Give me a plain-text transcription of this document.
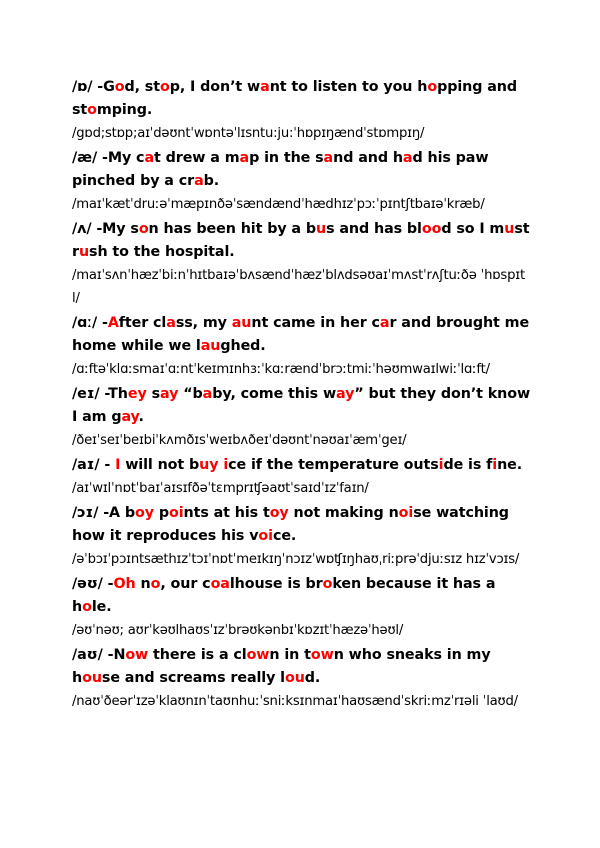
/ɒ/ -God, stop, I don’t want to listen to you hopping and stomping.

/gɒd;stɒp;aɪˈdəʊntˈwɒntəˈlɪsntu:ju:ˈhɒpɪŋændˈstɒmpɪŋ/

/æ/ -My cat drew a map in the sand and had his paw pinched by a crab.

/maɪˈkætˈdruːəˈmæpɪnðəˈsændændˈhædhɪzˈpɔːˈpɪntʃtbaɪəˈkræb/

/ʌ/ -My son has been hit by a bus and has blood so I must rush to the hospital.

/maɪˈsʌnˈhæzˈbiːnˈhɪtbaɪəˈbʌsændˈhæzˈblʌdsəʊaɪˈmʌstˈrʌʃtuːðə ˈhɒspɪtl/

/ɑː/ -After class, my aunt came in her car and brought me home while we laughed.

/ɑːftəˈklɑːsmaɪˈɑːntˈkeɪmɪnhɜːˈkɑːrændˈbrɔːtmiːˈhəʊmwaɪlwiːˈlɑːft/

/eɪ/ -They say “baby, come this way” but they don’t know I am gay.

/ðeɪˈseɪˈbeɪbiˈkʌmðɪsˈweɪbʌðeɪˈdəʊntˈnəʊaɪˈæmˈgeɪ/

/aɪ/ - I will not buy ice if the temperature outside is fine.

/aɪˈwɪlˈnɒtˈbaɪˈaɪsɪfðəˈtɛmprɪʧəaʊtˈsaɪdˈɪzˈfaɪn/

/ɔɪ/ -A boy points at his toy not making noise watching how it reproduces his voice.

/əˈbɔɪˈpɔɪntsæthɪzˈtɔɪˈnɒtˈmeɪkɪŋˈnɔɪzˈwɒʧɪŋhaʊˌriːprəˈdjuːsɪz hɪzˈvɔɪs/

/əʊ/ -Oh no, our coalhouse is broken because it has a hole.

/əʊˈnəʊ; aʊrˈkəʊlhaʊsˈɪzˈbrəʊkənbɪˈkɒzɪtˈhæzəˈhəʊl/

/aʊ/ -Now there is a clown in town who sneaks in my house and screams really loud.

/naʊˈðeərˈɪzəˈklaʊnɪnˈtaʊnhuːˈsniːksɪnmaɪˈhaʊsændˈskriːmzˈrɪəli ˈlaʊd/
